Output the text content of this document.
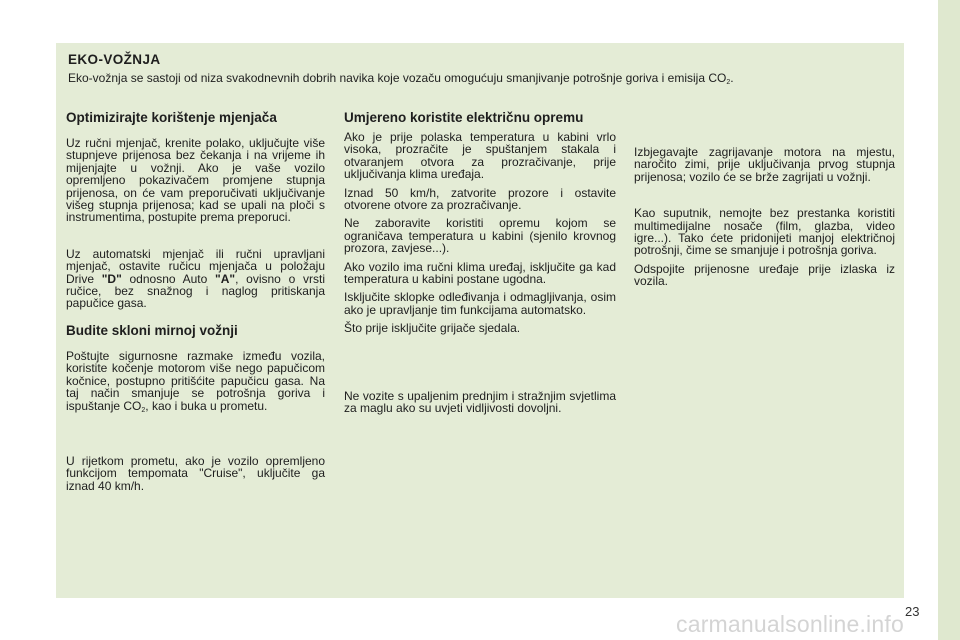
EKO-VOŽNJA
Eko-vožnja se sastoji od niza svakodnevnih dobrih navika koje vozaču omogućuju smanjivanje potrošnje goriva i emisija $CO_2$.
Optimizirajte korištenje mjenjača

Uz ručni mjenjač, krenite polako, uključujte više stupnjeve prijenosa bez čekanja i na vrijeme ih mijenjajte u vožnji. Ako je vaše vozilo opremljeno pokazivačem promjene stupnja prijenosa, on će vam preporučivati uključivanje višeg stupnja prijenosa; kad se upali na ploči s instrumentima, postupite prema preporuci.

Uz automatski mjenjač ili ručni upravljani mjenjač, ostavite ručicu mjenjača u položaju Drive "D" odnosno Auto "A", ovisno o vrsti ručice, bez snažnog i naglog pritiskanja papučice gasa.

Budite skloni mirnoj vožnji

Poštujte sigurnosne razmake između vozila, koristite kočenje motorom više nego papučicom kočnice, postupno pritišćite papučicu gasa. Na taj način smanjuje se potrošnja goriva i ispuštanje $CO_2$, kao i buka u prometu.

U rijetkom prometu, ako je vozilo opremljeno funkcijom tempomata "Cruise", uključite ga iznad 40 km/h.

Umjereno koristite električnu opremu

Ako je prije polaska temperatura u kabini vrlo visoka, prozračite je spuštanjem stakala i otvaranjem otvora za prozračivanje, prije uključivanja klima uređaja.

Iznad 50 km/h, zatvorite prozore i ostavite otvorene otvore za prozračivanje.

Ne zaboravite koristiti opremu kojom se ograničava temperatura u kabini (sjenilo krovnog prozora, zavjese...).

Ako vozilo ima ručni klima uređaj, isključite ga kad temperatura u kabini postane ugodna.

Isključite sklopke odleđivanja i odmagljivanja, osim ako je upravljanje tim funkcijama automatsko.

Što prije isključite grijače sjedala.

Ne vozite s upaljenim prednjim i stražnjim svjetlima za maglu ako su uvjeti vidljivosti dovoljni.

Izbjegavajte zagrijavanje motora na mjestu, naročito zimi, prije uključivanja prvog stupnja prijenosa; vozilo će se brže zagrijati u vožnji.

Kao suputnik, nemojte bez prestanka koristiti multimedijalne nosače (film, glazba, video igre...). Tako ćete pridonijeti manjoj električnoj potrošnji, čime se smanjuje i potrošnja goriva.

Odspojite prijenosne uređaje prije izlaska iz vozila.

23
carmanualsonline.info
